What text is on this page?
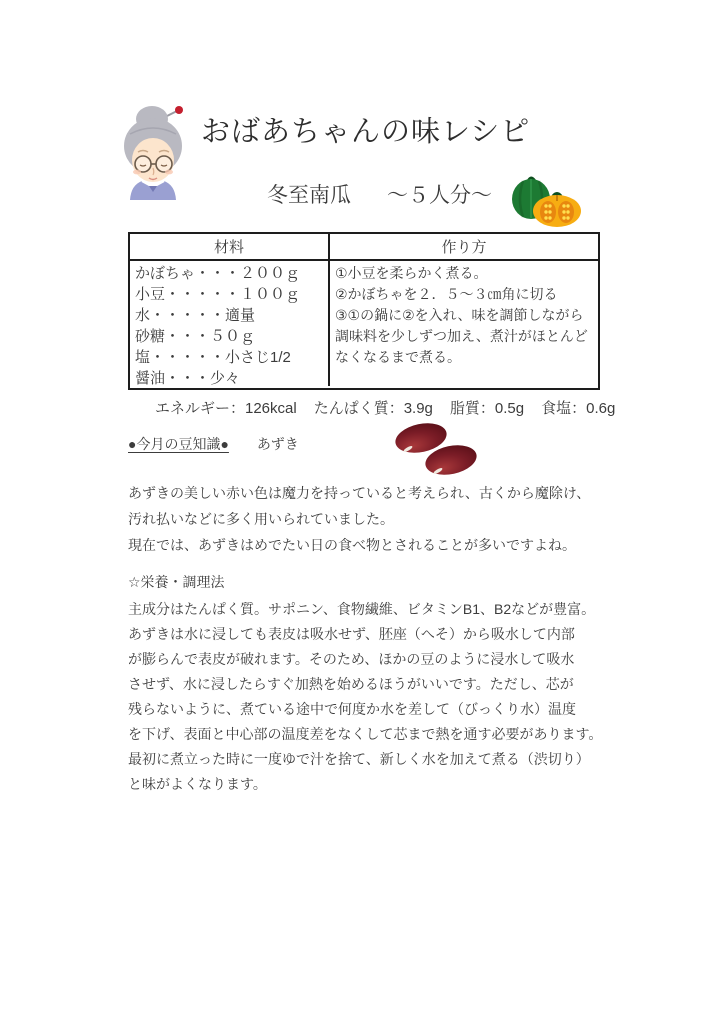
おばあちゃんの味レシピ
冬至南瓜 ～５人分～
材料	作り方
かぼちゃ・・・２００ｇ
小豆・・・・・１００ｇ
水・・・・・適量
砂糖・・・５０ｇ
塩・・・・・小さじ1/2
醤油・・・少々
①小豆を柔らかく煮る。
②かぼちゃを２．５～３㎝角に切る
③①の鍋に②を入れ、味を調節しながら調味料を少しずつ加え、煮汁がほとんどなくなるまで煮る。
エネルギー：126kcal たんぱく質：3.9g 脂質：0.5g 食塩：0.6g
●今月の豆知識● あずき
あずきの美しい赤い色は魔力を持っていると考えられ、古くから魔除け、
汚れ払いなどに多く用いられていました。
現在では、あずきはめでたい日の食べ物とされることが多いですよね。
☆栄養・調理法
主成分はたんぱく質。サポニン、食物繊維、ビタミンB1、B2などが豊富。
あずきは水に浸しても表皮は吸水せず、胚座（へそ）から吸水して内部
が膨らんで表皮が破れます。そのため、ほかの豆のように浸水して吸水
させず、水に浸したらすぐ加熱を始めるほうがいいです。ただし、芯が
残らないように、煮ている途中で何度か水を差して（びっくり水）温度
を下げ、表面と中心部の温度差をなくして芯まで熱を通す必要があります。
最初に煮立った時に一度ゆで汁を捨て、新しく水を加えて煮る（渋切り）
と味がよくなります。
